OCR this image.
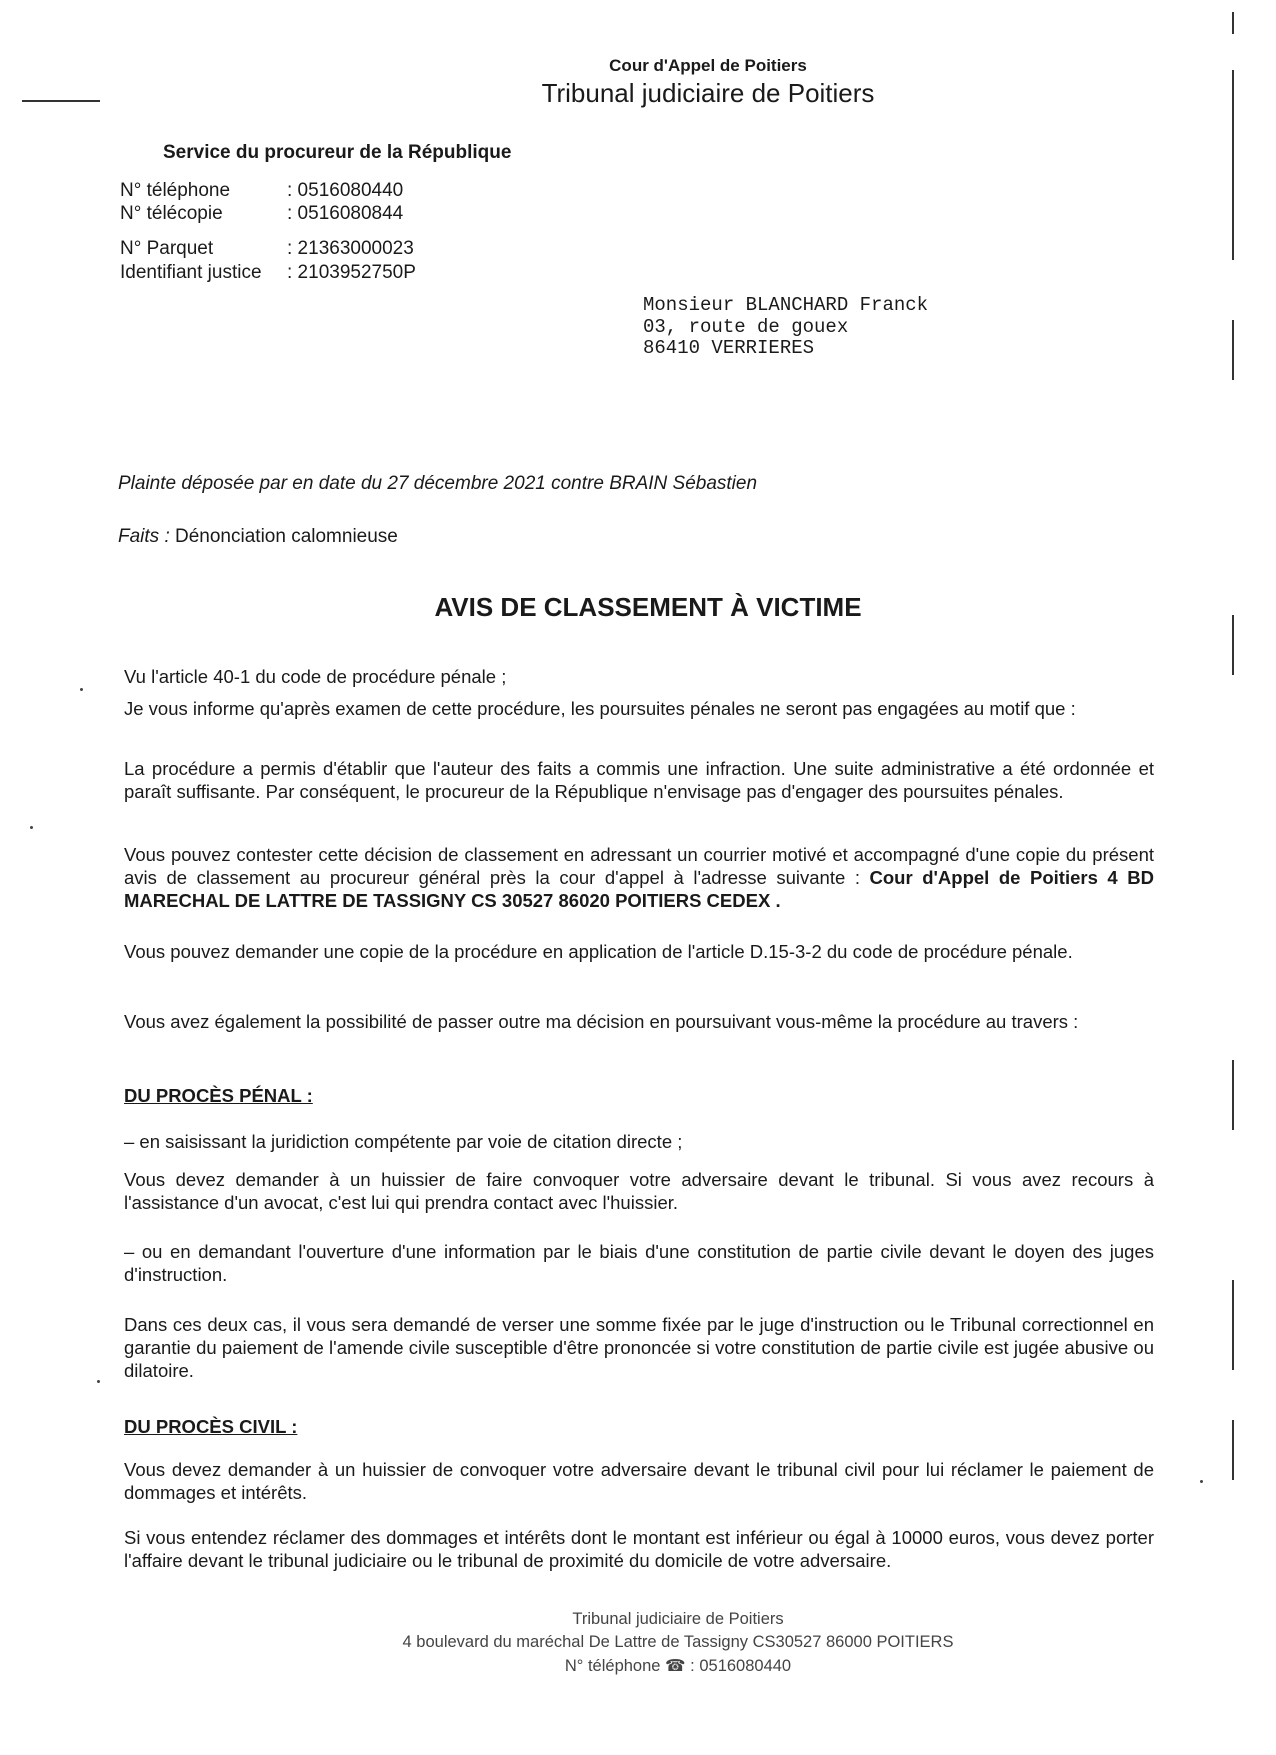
Cour d'Appel de Poitiers
Tribunal judiciaire de Poitiers
Service du procureur de la République
N° téléphone	: 0516080440
N° télécopie	: 0516080844
N° Parquet	: 21363000023
Identifiant justice : 2103952750P
Monsieur BLANCHARD Franck
03, route de gouex
86410 VERRIERES
Plainte déposée par en date du 27 décembre 2021 contre BRAIN Sébastien
Faits : Dénonciation calomnieuse
AVIS DE CLASSEMENT À VICTIME
Vu l'article 40-1 du code de procédure pénale ;
Je vous informe qu'après examen de cette procédure, les poursuites pénales ne seront pas engagées au motif que :
La procédure a permis d'établir que l'auteur des faits a commis une infraction. Une suite administrative a été ordonnée et paraît suffisante. Par conséquent, le procureur de la République n'envisage pas d'engager des poursuites pénales.
Vous pouvez contester cette décision de classement en adressant un courrier motivé et accompagné d'une copie du présent avis de classement au procureur général près la cour d'appel à l'adresse suivante : Cour d'Appel de Poitiers 4 BD MARECHAL DE LATTRE DE TASSIGNY CS 30527 86020 POITIERS CEDEX .
Vous pouvez demander une copie de la procédure en application de l'article D.15-3-2 du code de procédure pénale.
Vous avez également la possibilité de passer outre ma décision en poursuivant vous-même la procédure au travers :
DU PROCÈS PÉNAL :
– en saisissant la juridiction compétente par voie de citation directe ;
Vous devez demander à un huissier de faire convoquer votre adversaire devant le tribunal. Si vous avez recours à l'assistance d'un avocat, c'est lui qui prendra contact avec l'huissier.
– ou en demandant l'ouverture d'une information par le biais d'une constitution de partie civile devant le doyen des juges d'instruction.
Dans ces deux cas, il vous sera demandé de verser une somme fixée par le juge d'instruction ou le Tribunal correctionnel en garantie du paiement de l'amende civile susceptible d'être prononcée si votre constitution de partie civile est jugée abusive ou dilatoire.
DU PROCÈS CIVIL :
Vous devez demander à un huissier de convoquer votre adversaire devant le tribunal civil pour lui réclamer le paiement de dommages et intérêts.
Si vous entendez réclamer des dommages et intérêts dont le montant est inférieur ou égal à 10000 euros, vous devez porter l'affaire devant le tribunal judiciaire ou le tribunal de proximité du domicile de votre adversaire.
Tribunal judiciaire de Poitiers
4 boulevard du maréchal De Lattre de Tassigny CS30527 86000 POITIERS
N° téléphone ☎ : 0516080440
